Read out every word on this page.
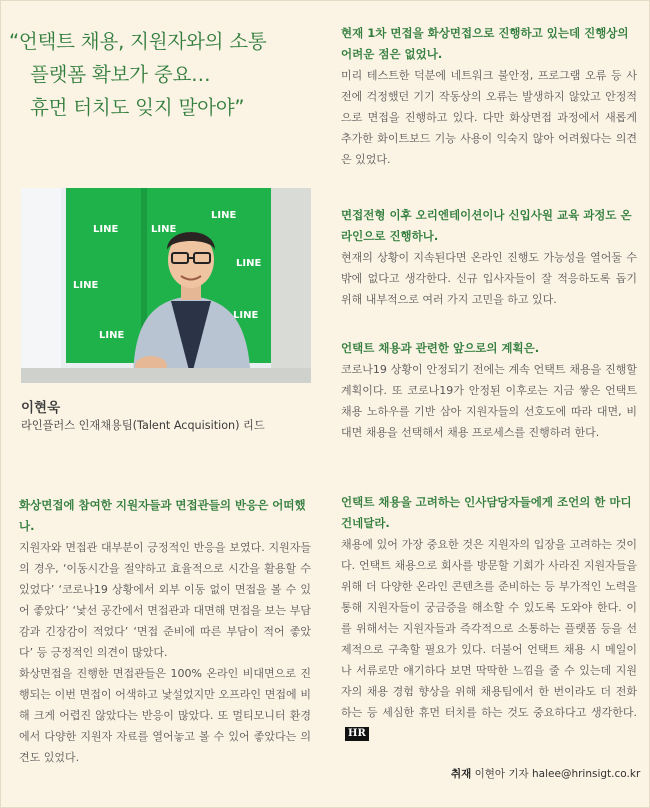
“언택트 채용, 지원자와의 소통
플랫폼 확보가 중요…
휴먼 터치도 잊지 말아야”
LINE
LINE
LINE
LINE
LINE
LINE
LINE
이현욱
라인플러스 인재채용팀(Talent Acquisition) 리드

화상면접에 참여한 지원자들과 면접관들의 반응은 어떠했나.

지원자와 면접관 대부분이 긍정적인 반응을 보였다. 지원자들의 경우, ‘이동시간을 절약하고 효율적으로 시간을 활용할 수 있었다’ ‘코로나19 상황에서 외부 이동 없이 면접을 볼 수 있어 좋았다’ ‘낯선 공간에서 면접관과 대면해 면접을 보는 부담감과 긴장감이 적었다’ ‘면접 준비에 따른 부담이 적어 좋았다’ 등 긍정적인 의견이 많았다.

화상면접을 진행한 면접관들은 100% 온라인 비대면으로 진행되는 이번 면접이 어색하고 낯설었지만 오프라인 면접에 비해 크게 어렵진 않았다는 반응이 많았다. 또 멀티모니터 환경에서 다양한 지원자 자료를 열어놓고 볼 수 있어 좋았다는 의견도 있었다.

현재 1차 면접을 화상면접으로 진행하고 있는데 진행상의 어려운 점은 없었나.

미리 테스트한 덕분에 네트워크 불안정, 프로그램 오류 등 사전에 걱정했던 기기 작동상의 오류는 발생하지 않았고 안정적으로 면접을 진행하고 있다. 다만 화상면접 과정에서 새롭게 추가한 화이트보드 기능 사용이 익숙지 않아 어려웠다는 의견은 있었다.

면접전형 이후 오리엔테이션이나 신입사원 교육 과정도 온라인으로 진행하나.

현재의 상황이 지속된다면 온라인 진행도 가능성을 열어둘 수밖에 없다고 생각한다. 신규 입사자들이 잘 적응하도록 돕기 위해 내부적으로 여러 가지 고민을 하고 있다.

언택트 채용과 관련한 앞으로의 계획은.

코로나19 상황이 안정되기 전에는 계속 언택트 채용을 진행할 계획이다. 또 코로나19가 안정된 이후로는 지금 쌓은 언택트 채용 노하우를 기반 삼아 지원자들의 선호도에 따라 대면, 비대면 채용을 선택해서 채용 프로세스를 진행하려 한다.

언택트 채용을 고려하는 인사담당자들에게 조언의 한 마디 건네달라.

채용에 있어 가장 중요한 것은 지원자의 입장을 고려하는 것이다. 언택트 채용으로 회사를 방문할 기회가 사라진 지원자들을 위해 더 다양한 온라인 콘텐츠를 준비하는 등 부가적인 노력을 통해 지원자들이 궁금증을 해소할 수 있도록 도와야 한다. 이를 위해서는 지원자들과 즉각적으로 소통하는 플랫폼 등을 선제적으로 구축할 필요가 있다. 더불어 언택트 채용 시 메일이나 서류로만 얘기하다 보면 딱딱한 느낌을 줄 수 있는데 지원자의 채용 경험 향상을 위해 채용팀에서 한 번이라도 더 전화하는 등 세심한 휴먼 터치를 하는 것도 중요하다고 생각한다.HR

취재 이현아 기자 halee@hrinsigt.co.kr
